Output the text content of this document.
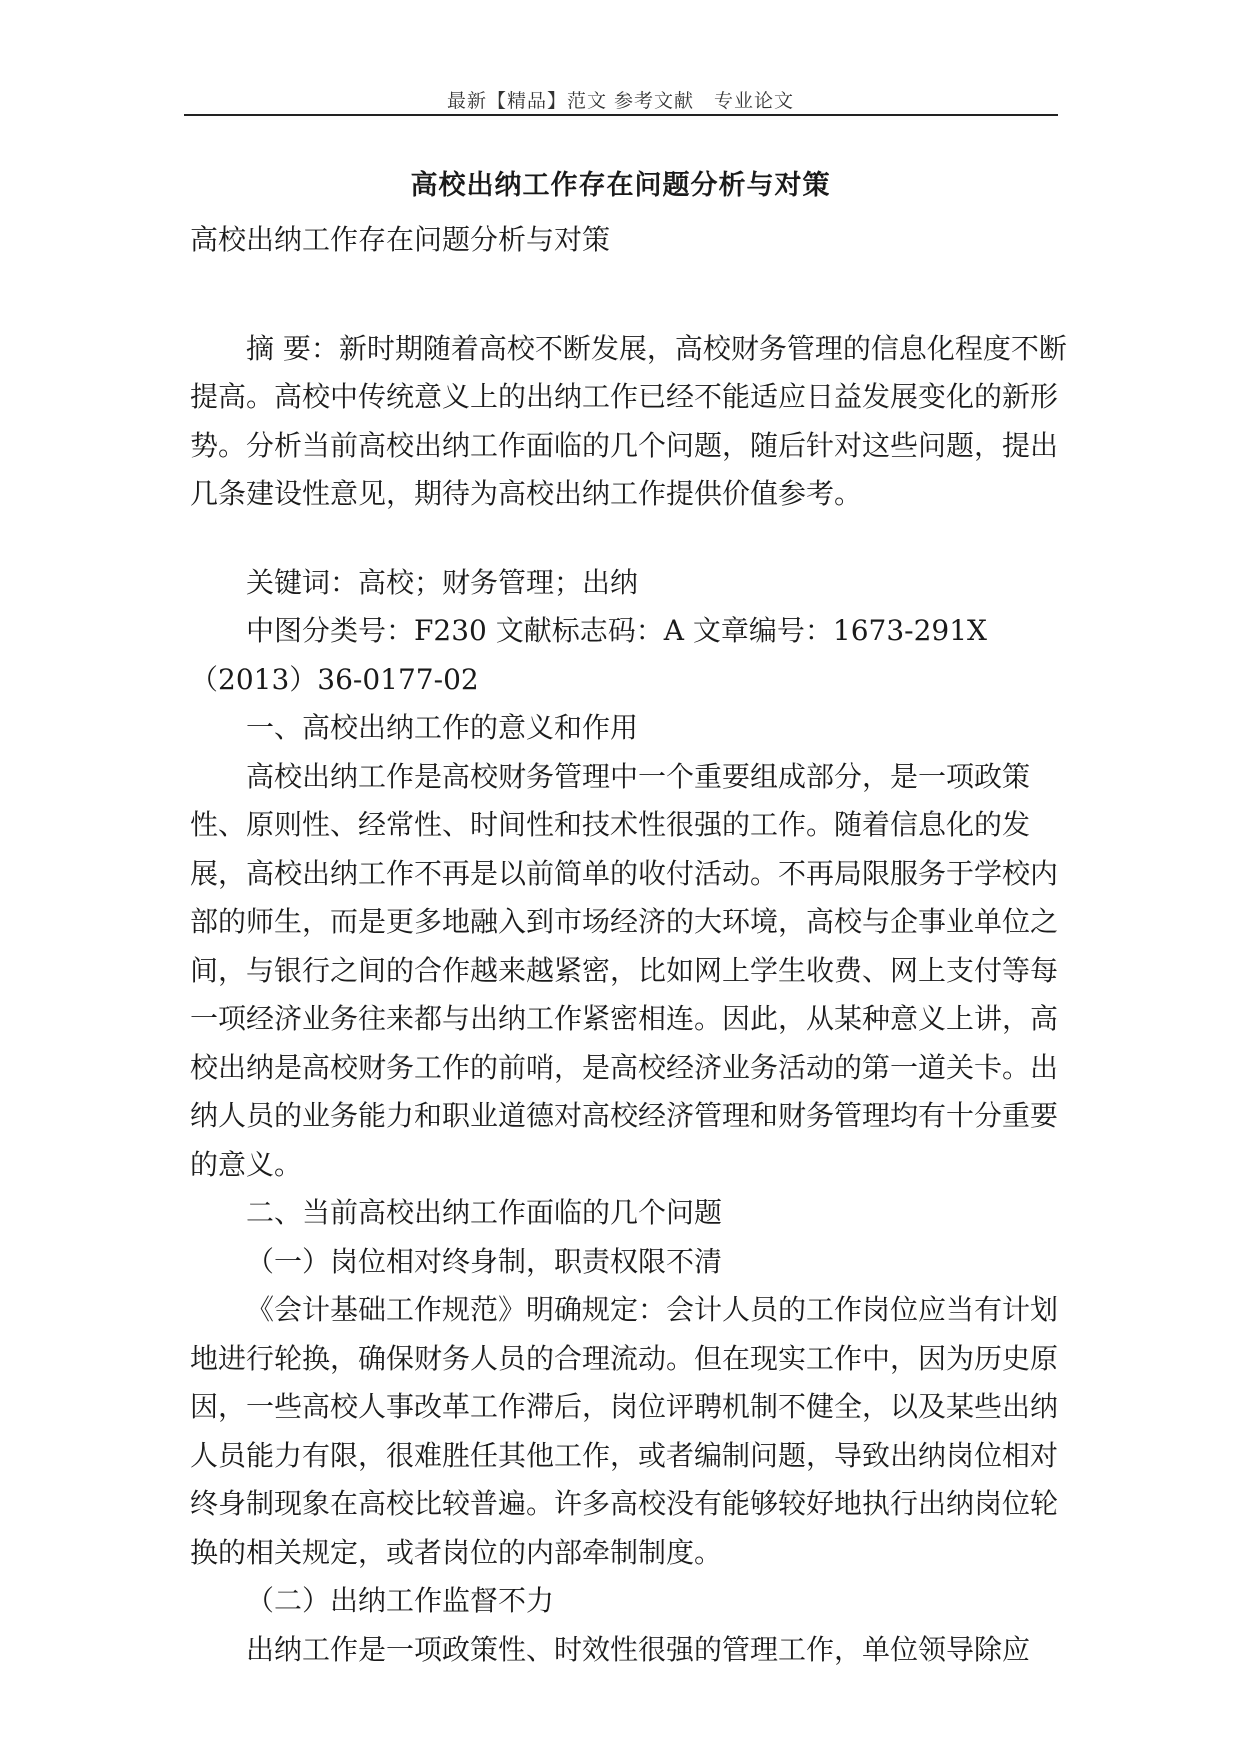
最新【精品】范文 参考文献　专业论文
高校出纳工作存在问题分析与对策

高校出纳工作存在问题分析与对策

摘 要：新时期随着高校不断发展，高校财务管理的信息化程度不断提高。高校中传统意义上的出纳工作已经不能适应日益发展变化的新形势。分析当前高校出纳工作面临的几个问题，随后针对这些问题，提出几条建设性意见，期待为高校出纳工作提供价值参考。

关键词：高校；财务管理；出纳

中图分类号：F230 文献标志码：A 文章编号：1673-291X（2013）36-0177-02

一、高校出纳工作的意义和作用

高校出纳工作是高校财务管理中一个重要组成部分，是一项政策性、原则性、经常性、时间性和技术性很强的工作。随着信息化的发展，高校出纳工作不再是以前简单的收付活动。不再局限服务于学校内部的师生，而是更多地融入到市场经济的大环境，高校与企事业单位之间，与银行之间的合作越来越紧密，比如网上学生收费、网上支付等每一项经济业务往来都与出纳工作紧密相连。因此，从某种意义上讲，高校出纳是高校财务工作的前哨，是高校经济业务活动的第一道关卡。出纳人员的业务能力和职业道德对高校经济管理和财务管理均有十分重要的意义。

二、当前高校出纳工作面临的几个问题

（一）岗位相对终身制，职责权限不清

《会计基础工作规范》明确规定：会计人员的工作岗位应当有计划地进行轮换，确保财务人员的合理流动。但在现实工作中，因为历史原因，一些高校人事改革工作滞后，岗位评聘机制不健全，以及某些出纳人员能力有限，很难胜任其他工作，或者编制问题，导致出纳岗位相对终身制现象在高校比较普遍。许多高校没有能够较好地执行出纳岗位轮换的相关规定，或者岗位的内部牵制制度。

（二）出纳工作监督不力

出纳工作是一项政策性、时效性很强的管理工作，单位领导除应
